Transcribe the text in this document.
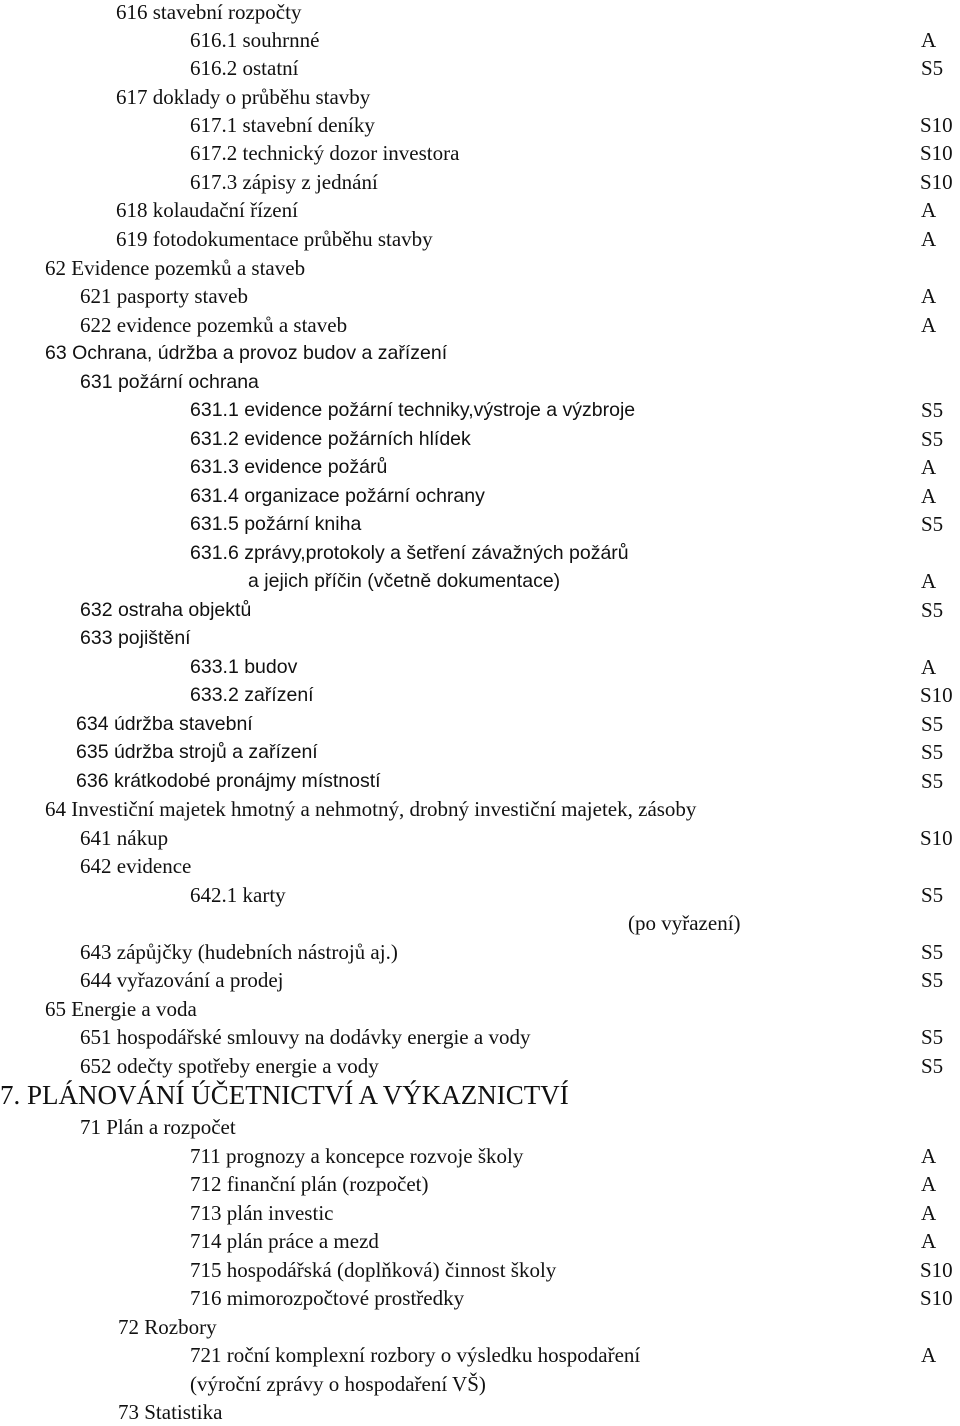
616 stavební rozpočty
616.1 souhrnné	A
616.2 ostatní	S5
617 doklady o průběhu stavby
617.1 stavební deníky	S10
617.2 technický dozor investora	S10
617.3 zápisy z jednání	S10
618 kolaudační řízení	A
619 fotodokumentace průběhu stavby	A
62 Evidence pozemků a staveb
621 pasporty staveb	A
622 evidence pozemků a staveb	A
63 Ochrana, údržba a provoz budov a zařízení
631 požární ochrana
631.1 evidence požární techniky,výstroje a výzbroje	S5
631.2 evidence požárních hlídek	S5
631.3 evidence požárů	A
631.4 organizace požární ochrany	A
631.5 požární kniha	S5
631.6 zprávy,protokoly a šetření závažných požárů
a jejich příčin (včetně dokumentace)	A
632 ostraha objektů	S5
633 pojištění
633.1 budov	A
633.2 zařízení	S10
634 údržba stavební	S5
635 údržba strojů a zařízení	S5
636 krátkodobé pronájmy místností	S5
64 Investiční majetek hmotný a nehmotný, drobný investiční majetek, zásoby
641 nákup	S10
642 evidence
642.1 karty	S5
(po vyřazení)
643 zápůjčky (hudebních nástrojů aj.)	S5
644 vyřazování a prodej	S5
65 Energie a voda
651 hospodářské smlouvy na dodávky energie a vody	S5
652 odečty spotřeby energie a vody	S5
7. PLÁNOVÁNÍ ÚČETNICTVÍ A VÝKAZNICTVÍ
71 Plán a rozpočet
711 prognozy a koncepce rozvoje školy	A
712 finanční plán (rozpočet)	A
713 plán investic	A
714 plán práce a mezd	A
715 hospodářská (doplňková) činnost školy	S10
716 mimorozpočtové prostředky	S10
72 Rozbory
721 roční komplexní rozbory o výsledku hospodaření	A
(výroční zprávy o hospodaření VŠ)
73 Statistika
